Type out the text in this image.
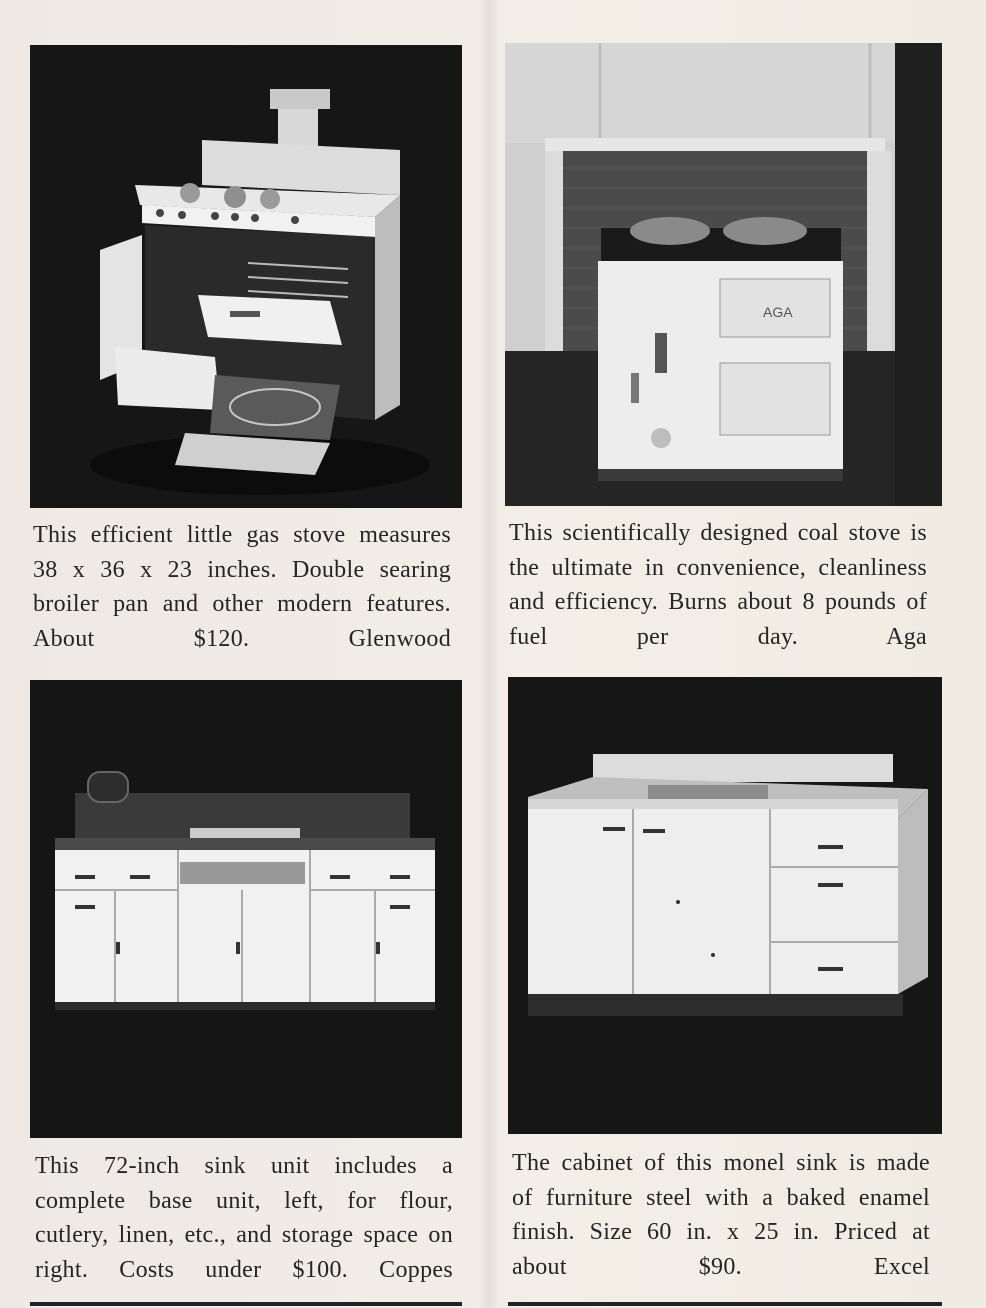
AGA

This efficient little gas stove measures 38 x 36 x 23 inches. Double searing broiler pan and other modern features. About $120. Glenwood

This scientifically designed coal stove is the ultimate in convenience, cleanliness and efficiency. Burns about 8 pounds of fuel per day. Aga

This 72-inch sink unit includes a complete base unit, left, for flour, cutlery, linen, etc., and storage space on right. Costs under $100. Coppes

The cabinet of this monel sink is made of furniture steel with a baked enamel finish. Size 60 in. x 25 in. Priced at about $90. Excel
